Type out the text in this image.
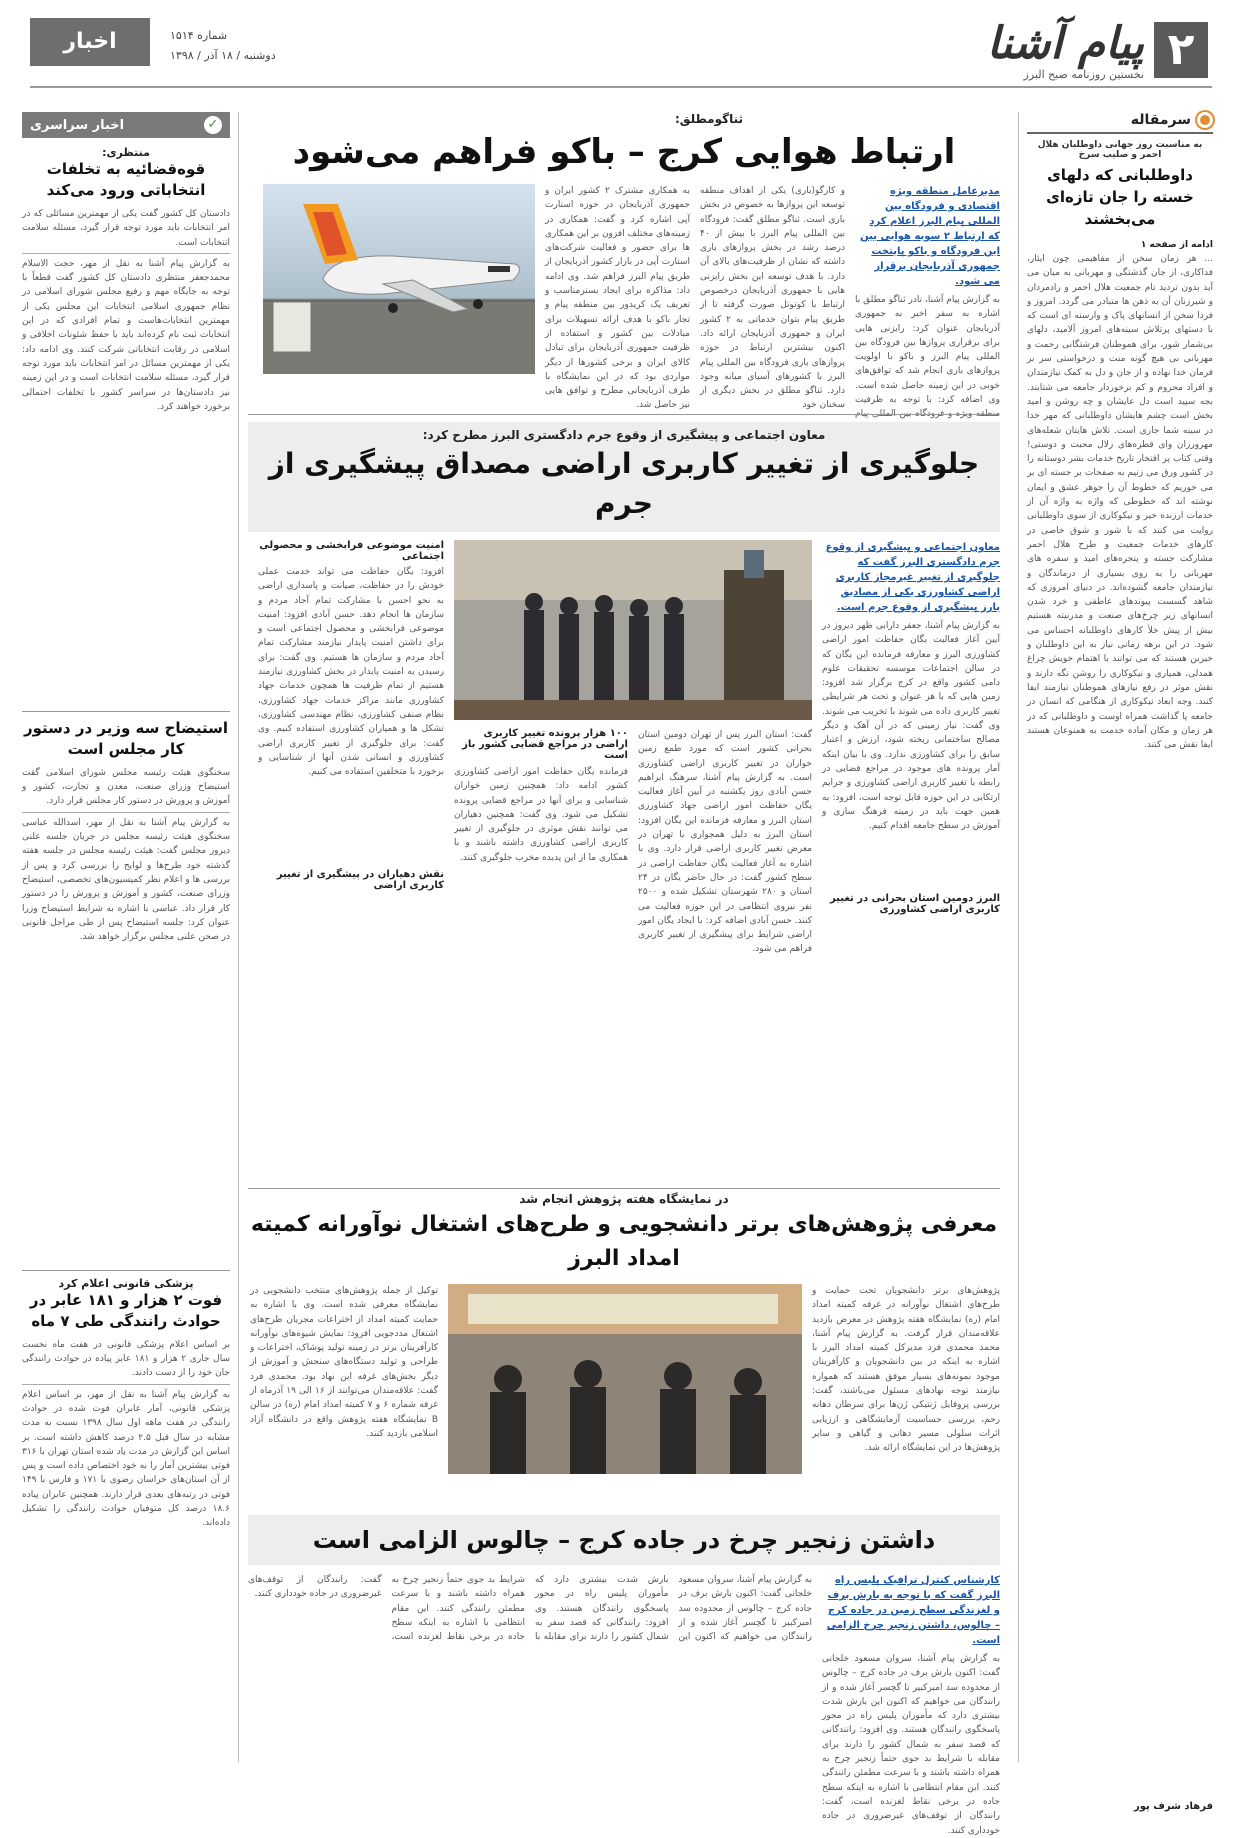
۲
پیام آشنا
نخستین روزنامه صبح البرز
شماره ۱۵۱۴
دوشنبه / ۱۸ آذر / ۱۳۹۸
اخبار
سرمقاله
به مناسبت روز جهانی داوطلبان هلال احمر و صلیب سرخ
داوطلبانی که دلهای خسته را جان تازه‌ای می‌بخشند
ادامه از صفحه ۱

... هر زمان سخن از مفاهیمی چون ایثار، فداکاری، از جان گذشتگی و مهربانی به میان می آید بدون تردید نام جمعیت هلال احمر و رادمردان و شیرزنان آن به ذهن ها متبادر می گردد. امروز و فردا سخن از انسانهای پاک و وارسته ای است که با دستهای پرتلاش سینه‌های امروز آلامید، دلهای بی‌شمار شور، برای هموطنان فرشتگانی رحمت و مهربانی بی هیچ گونه منت و درخواستی سر بر فرمان خدا نهاده و از جان و دل به کمک نیازمندان و افراد محروم و کم برخوردار جامعه می شتابند. بجه سپید است دل عایشان و چه روشن و امید بخش است چشم هایشان داوطلبانی که مهر خدا در سینه شما جاری است. تلاش هایتان شعله‌های مهرورزان وای قطره‌های زلال محبت و دوستی! وقتی کتاب پر افتخار تاریخ خدمات بشر دوستانه را در کشور ورق می زنیم به صفحات بر جسته ای بر می خوریم که خطوط آن را جوهر عشق و ایمان نوشته اند که خطوطی که واژه به واژه آن از خدمات ارزنده خیر و نیکوکاری از سوی داوطلبانی روایت می کنند که با شور و شوق خاصی در کارهای خدمات جمعیت و طرح هلال احمر مشارکت جسته و پنجره‌های امید و سفره های مهربانی را به روی بسیاری از درماندگان و نیازمندان جامعه گشوده‌اند. در دنیای امروزی که شاهد گسست پیوندهای عاطفی و خرد شدن انسانهای زیر چرخ‌های صنعت و مدرنیته هستیم بیش از پیش خلأ کارهای داوطلبانه احساس می شود. در این برهه زمانی نیاز به این داوطلبان و خیرین هستند که می توانند با اهتمام خویش چراغ همدلی، همیاری و نیکوکاری را روشن نگه دارند و نقش موثر در رفع نیازهای هموطنان نیازمند ایفا کنند. وجه ابعاد نیکوکاری از هنگامی که انسان در جامعه پا گذاشت همراه اوست و داوطلبانی که در هر زمان و مکان آماده خدمت به همنوعان هستند ایفا نقش می کنند.

فرهاد شرف پور
✓
اخبار سراسری
منتظری:
قوه‌قضائیه به تخلفات انتخاباتی ورود می‌کند

دادستان کل کشور گفت یکی از مهمترین مسائلی که در امر انتخابات باید مورد توجه قرار گیرد، مسئله سلامت انتخابات است.

به گزارش پیام آشنا به نقل از مهر، حجت الاسلام محمدجعفر منتظری دادستان کل کشور گفت قطعاً با توجه به جایگاه مهم و رفیع مجلس شورای اسلامی در نظام جمهوری اسلامی انتخابات این مجلس یکی از مهمترین انتخابات‌هاست و تمام افرادی که در این انتخابات ثبت نام کرده‌اند باید با حفظ شئونات اخلاقی و اسلامی در رقابت انتخاباتی شرکت کنند. وی ادامه داد: یکی از مهمترین مسائل در امر انتخابات باید مورد توجه قرار گیرد، مسئله سلامت انتخابات است و در این زمینه نیز دادستان‌ها در سراسر کشور با تخلفات احتمالی برخورد خواهند کرد.

استیضاح سه وزیر در دستور کار مجلس است

سخنگوی هیئت رئیسه مجلس شورای اسلامی گفت استیضاح وزرای صنعت، معدن و تجارت، کشور و آموزش و پرورش در دستور کار مجلس قرار دارد.

به گزارش پیام آشنا به نقل از مهر، اسدالله عباسی سخنگوی هیئت رئیسه مجلس در جریان جلسه علنی دیروز مجلس گفت: هیئت رئیسه مجلس در جلسه هفته گذشته خود طرح‌ها و لوایح را بررسی کرد و پس از بررسی ها و اعلام نظر کمیسیون‌های تخصصی، استیضاح وزرای صنعت، کشور و آموزش و پرورش را در دستور کار قرار داد. عباسی با اشاره به شرایط استیضاح وزرا عنوان کرد: جلسه استیضاح پس از طی مراحل قانونی در صحن علنی مجلس برگزار خواهد شد.

پزشکی قانونی اعلام کرد
فوت ۲ هزار و ۱۸۱ عابر در حوادث رانندگی طی ۷ ماه

بر اساس اعلام پزشکی قانونی در هفت ماه نخست سال جاری ۲ هزار و ۱۸۱ عابر پیاده در حوادث رانندگی جان خود را از دست دادند.

به گزارش پیام آشنا به نقل از مهر، بر اساس اعلام پزشکی قانونی، آمار عابران فوت شده در حوادث رانندگی در هفت ماهه اول سال ۱۳۹۸ نسبت به مدت مشابه در سال قبل ۲.۵ درصد کاهش داشته است. بر اساس این گزارش در مدت یاد شده استان تهران با ۳۱۶ فوتی بیشترین آمار را به خود اختصاص داده است و پس از آن استان‌های خراسان رضوی با ۱۷۱ و فارس با ۱۴۹ فوتی در رتبه‌های بعدی قرار دارند. همچنین عابران پیاده ۱۸.۶ درصد کل متوفیان حوادث رانندگی را تشکیل داده‌اند.

ثناگومطلق:
ارتباط هوایی کرج – باکو فراهم می‌شود

مدیرعامل منطقه ویژه اقتصادی و فرودگاه بین المللی پیام البرز اعلام کرد که ارتباط ۲ سویه هوایی بین این فرودگاه و باکو پایتخت جمهوری آذربایجان برقرار می شود.

به گزارش پیام آشنا، نادر ثناگو مطلق با اشاره به سفر اخیر به جمهوری آذربایجان عنوان کرد: رایزنی هایی برای برقراری پروازها بین فرودگاه بین المللی پیام البرز و باکو با اولویت پروازهای باری انجام شد که توافق‌های خوبی در این زمینه حاصل شده است. وی اضافه کرد: با توجه به ظرفیت منطقه ویژه و فرودگاه بین المللی پیام

و کارگو(باری) یکی از اهداف منطقه توسعه این پروازها به خصوص در بخش باری است. ثناگو مطلق گفت: فرودگاه بین المللی پیام البرز با بیش از ۴۰ درصد رشد در بخش پروازهای باری داشته که نشان از ظرفیت‌های بالای آن دارد. با هدف توسعه این بخش رایزنی هایی با جمهوری آذربایجان درخصوص ارتباط با کوتوتل صورت گرفته تا از طریق پیام بتوان خدماتی به ۲ کشور ایران و جمهوری آذربایجان ارائه داد. اکنون بیشترین ارتباط در حوزه پروازهای باری فرودگاه بین المللی پیام البرز با کشورهای آسیای میانه وجود دارد. ثناگو مطلق در بخش دیگری از سخنان خود

به همکاری مشترک ۲ کشور ایران و جمهوری آذربایجان در حوزه استارت آپی اشاره کرد و گفت: همکاری در زمینه‌های مختلف افزون بر این همکاری ها برای حضور و فعالیت شرکت‌های استارت آپی در بازار کشور آذربایجان از طریق پیام البرز فراهم شد. وی ادامه داد: مذاکره برای ایجاد بسترمناسب و تعریف یک کریدور بین منطقه پیام و تجار باکو با هدف ارائه تسهیلات برای مبادلات بین کشور و استفاده از ظرفیت جمهوری آذربایجان برای تبادل کالای ایران و برخی کشورها از دیگر مواردی بود که در این نمایشگاه با طرف آذربایجانی مطرح و توافق هایی نیز حاصل شد.

معاون اجتماعی و پیشگیری از وقوع جرم دادگستری البرز مطرح کرد:
جلوگیری از تغییر کاربری اراضی مصداق پیشگیری از جرم

معاون اجتماعی و پیشگیری از وقوع جرم دادگستری البرز گفت که جلوگیری از تغییر غیرمجاز کاربری اراضی کشاورزی یکی از مصادیق بارز پیشگیری از وقوع جرم است.

به گزارش پیام آشنا، جعفر دارابی ظهر دیروز در آیین آغاز فعالیت یگان حفاظت امور اراضی کشاورزی البرز و معارفه فرمانده این یگان که در سالن اجتماعات موسسه تحقیقات علوم دامی کشور واقع در کرج برگزار شد افزود: زمین هایی که با هر عنوان و تحت هر شرایطی تغییر کاربری داده می شوند با تخریب می شوند. وی گفت: نیاز زمینی که در آن آهک و دیگر مصالح ساختمانی ریخته شود، ارزش و اعتبار سابق را برای کشاورزی ندارد. وی با بیان اینکه آمار پرونده های موجود در مراجع قضایی در رابطه با تغییر کاربری اراضی کشاورزی و جرایم ارتکابی در این حوزه قابل توجه است، افزود: به همین جهت باید در زمینه فرهنگ سازی و آموزش در سطح جامعه اقدام کنیم.

البرز دومین استان بحرانی در تغییر کاربری اراضی کشاورزی

گفت: استان البرز پس از تهران دومین استان بحرانی کشور است که مورد طمع زمین خواران در تغییر کاربری اراضی کشاورزی است. به گزارش پیام آشنا، سرهنگ ابراهیم حسن آبادی روز یکشنبه در آیین آغاز فعالیت یگان حفاظت امور اراضی جهاد کشاورزی استان البرز و معارفه فرمانده این یگان افزود: استان البرز به دلیل همجواری با تهران در معرض تغییر کاربری اراضی قرار دارد. وی با اشاره به آغاز فعالیت یگان حفاظت اراضی در سطح کشور گفت: در حال حاضر یگان در ۲۴ استان و ۲۸۰ شهرستان تشکیل شده و ۲۵۰۰ نفر نیروی انتظامی در این حوزه فعالیت می کنند. حسن آبادی اضافه کرد: با ایجاد یگان امور اراضی شرایط برای پیشگیری از تغییر کاربری فراهم می شود.

۱۰۰ هزار پرونده تغییر کاربری اراضی در مراجع قضایی کشور باز است

فرمانده یگان حفاظت امور اراضی کشاورزی کشور ادامه داد: همچنین زمین خواران شناسایی و برای آنها در مراجع قضایی پرونده تشکیل می شود. وی گفت: همچنین دهیاران می توانند نقش موثری در جلوگیری از تغییر کاربری اراضی کشاورزی داشته باشند و با همکاری ما از این پدیده مخرب جلوگیری کنند.

امنیت موضوعی فرابخشی و محصولی اجتماعی

افزود: یگان حفاظت می تواند خدمت عملی خودش را در حفاظت، صیانت و پاسداری اراضی به نحو احسن با مشارکت تمام آحاد مردم و سازمان ها انجام دهد. حسن آبادی افزود: امنیت موضوعی فرابخشی و محصول اجتماعی است و برای داشتن امنیت پایدار نیازمند مشارکت تمام آحاد مردم و سازمان ها هستیم. وی گفت: برای رسیدن به امنیت پایدار در بخش کشاورزی نیازمند هستیم از تمام ظرفیت ها همچون خدمات جهاد کشاورزی مانند مراکز خدمات جهاد کشاورزی، نظام صنفی کشاورزی، نظام مهندسی کشاورزی، تشکل ها و همیاران کشاورزی استفاده کنیم. وی گفت: برای جلوگیری از تغییر کاربری اراضی کشاورزی و انسانی شدن آنها از شناسایی و برخورد با متخلفین استفاده می کنیم.

نقش دهیاران در پیشگیری از تغییر کاربری اراضی
در نمایشگاه هفته پژوهش انجام شد
معرفی پژوهش‌های برتر دانشجویی و طرح‌های اشتغال نوآورانه کمیته امداد البرز

پژوهش‌های برتر دانشجویان تحت حمایت و طرح‌های اشتغال نوآورانه در غرفه کمیته امداد امام (ره) نمایشگاه هفته پژوهش در معرض بازدید علاقه‌مندان قرار گرفت. به گزارش پیام آشنا، محمد محمدی فرد مدیرکل کمیته امداد البرز با اشاره به اینکه در بین دانشجویان و کارآفرینان موجود نمونه‌های بسیار موفق هستند که همواره نیازمند توجه نهادهای مسئول می‌باشند، گفت: بررسی پروفایل ژنتیکی ژن‌ها برای سرطان دهانه رحم، بررسی حساسیت آزمایشگاهی و ارزیابی اثرات سلولی مسیر دهانی و گیاهی و سایر پژوهش‌ها در این نمایشگاه ارائه شد.

توکیل از جمله پژوهش‌های منتخب دانشجویی در نمایشگاه معرفی شده است. وی با اشاره به حمایت کمیته امداد از اختراعات مجریان طرح‌های اشتغال مددجویی افزود: نمایش شیوه‌های نوآورانه کارآفرینان برتر در زمینه تولید پوشاک، اختراعات و طراحی و تولید دستگاه‌های سنجش و آموزش از دیگر بخش‌های غرفه این نهاد بود. محمدی فرد گفت: علاقه‌مندان می‌توانند از ۱۶ الی ۱۹ آذرماه از غرفه شماره ۶ و ۷ کمیته امداد امام (ره) در سالن B نمایشگاه هفته پژوهش واقع در دانشگاه آزاد اسلامی بازدید کنند.

داشتن زنجیر چرخ در جاده کرج – چالوس الزامی است

کارشناس کنترل ترافیک پلیس راه البرز گفت که با توجه به بارش برف و لغزندگی سطح زمین در جاده کرج – چالوس، داشتن زنجیر چرخ الزامی است.

به گزارش پیام آشنا، سروان مسعود خلجانی گفت: اکنون بارش برف در جاده کرج – چالوس از محدوده سد امیرکبیر تا گچسر آغاز شده و از رانندگان می خواهیم که اکنون این بارش شدت بیشتری دارد که مأموران پلیس راه در محور پاسخگوی رانندگان هستند. وی افزود: رانندگانی که قصد سفر به شمال کشور را دارند برای مقابله با شرایط بد جوی حتماً زنجیر چرخ به همراه داشته باشند و با سرعت مطمئن رانندگی کنند. این مقام انتظامی با اشاره به اینکه سطح جاده در برخی نقاط لغزنده است، گفت: رانندگان از توقف‌های غیرضروری در جاده خودداری کنند.

به گزارش پیام آشنا، سروان مسعود خلجانی گفت: اکنون بارش برف در جاده کرج – چالوس از محدوده سد امیرکبیر تا گچسر آغاز شده و از رانندگان می خواهیم که اکنون این بارش شدت بیشتری دارد که مأموران پلیس راه در محور پاسخگوی رانندگان هستند. وی افزود: رانندگانی که قصد سفر به شمال کشور را دارند برای مقابله با شرایط بد جوی حتماً زنجیر چرخ به همراه داشته باشند و با سرعت مطمئن رانندگی کنند. این مقام انتظامی با اشاره به اینکه سطح جاده در برخی نقاط لغزنده است، گفت: رانندگان از توقف‌های غیرضروری در جاده خودداری کنند.
